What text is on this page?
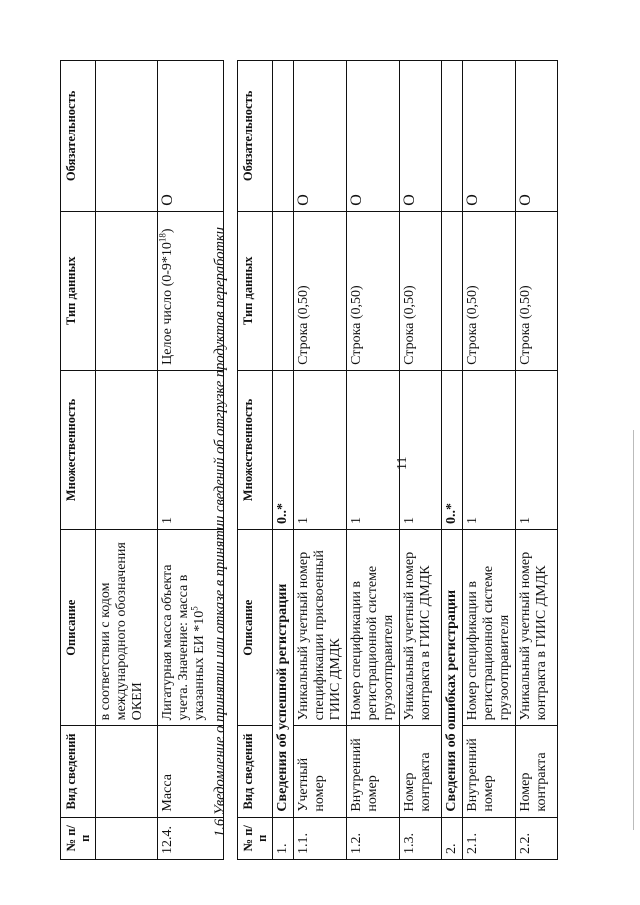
11
№ п/п	Вид сведений	Описание	Множественность	Тип данных	Обязательность
		в соответствии с кодом международного обозначения ОКЕИ			
12.4.	Масса	Лигатурная масса объекта учета. Значение: масса в указанных ЕИ $*10^5$	1	Целое число $(0-9*10^{18})$	О
1.6 Уведомление о принятии или отказе в принятии сведений об отгрузке продуктов переработки
№ п/п	Вид сведений	Описание	Множественность	Тип данных	Обязательность
1.	Сведения об успешной регистрации		0..*		
1.1.	Учетный номер	Уникальный учетный номер спецификации присвоенный ГИИС ДМДК	1	Строка (0,50)	О
1.2.	Внутренний номер	Номер спецификации в регистрационной системе грузоотправителя	1	Строка (0,50)	О
1.3.	Номер контракта	Уникальный учетный номер контракта в ГИИС ДМДК	1	Строка (0,50)	О
2.	Сведения об ошибках регистрации		0..*		
2.1.	Внутренний номер	Номер спецификации в регистрационной системе грузоотправителя	1	Строка (0,50)	О
2.2.	Номер контракта	Уникальный учетный номер контракта в ГИИС ДМДК	1	Строка (0,50)	О
